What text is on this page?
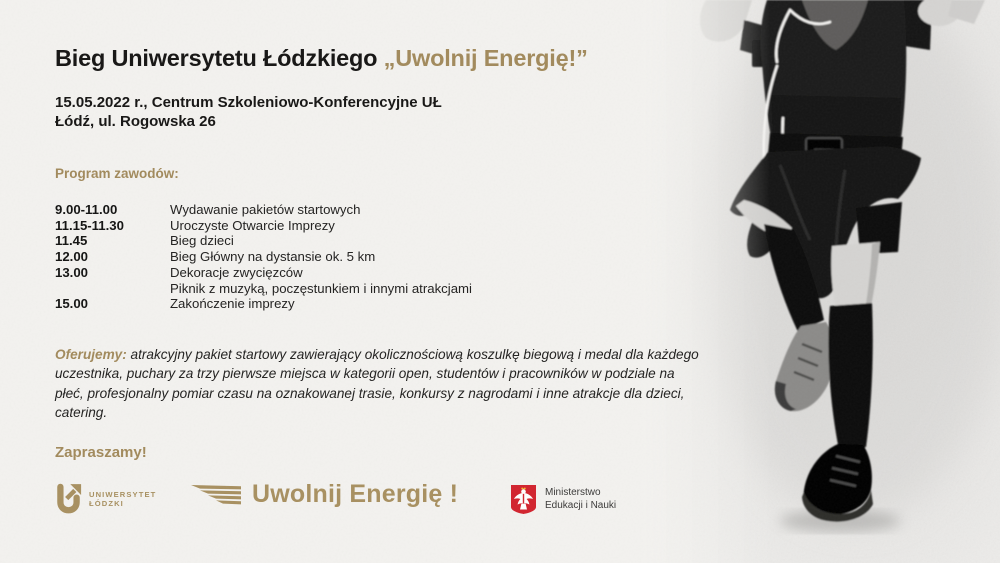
Bieg Uniwersytetu Łódzkiego „Uwolnij Energię!”
15.05.2022 r., Centrum Szkoleniowo-Konferencyjne UŁ
Łódź, ul. Rogowska 26
Program zawodów:
9.00-11.00	Wydawanie pakietów startowych
11.15-11.30	Uroczyste Otwarcie Imprezy
11.45	Bieg dzieci
12.00	Bieg Główny na dystansie ok. 5 km
13.00	Dekoracje zwycięzców
Piknik z muzyką, poczęstunkiem i innymi atrakcjami
15.00	Zakończenie imprezy

Oferujemy: atrakcyjny pakiet startowy zawierający okolicznościową koszulkę biegową i medal dla każdego uczestnika, puchary za trzy pierwsze miejsca w kategorii open, studentów i pracowników w podziale na płeć, profesjonalny pomiar czasu na oznakowanej trasie, konkursy z nagrodami i inne atrakcje dla dzieci, catering.

Zapraszamy!
UNIWERSYTET
ŁÓDZKI	Uwolnij Energię !	Ministerstwo
Edukacji i Nauki
